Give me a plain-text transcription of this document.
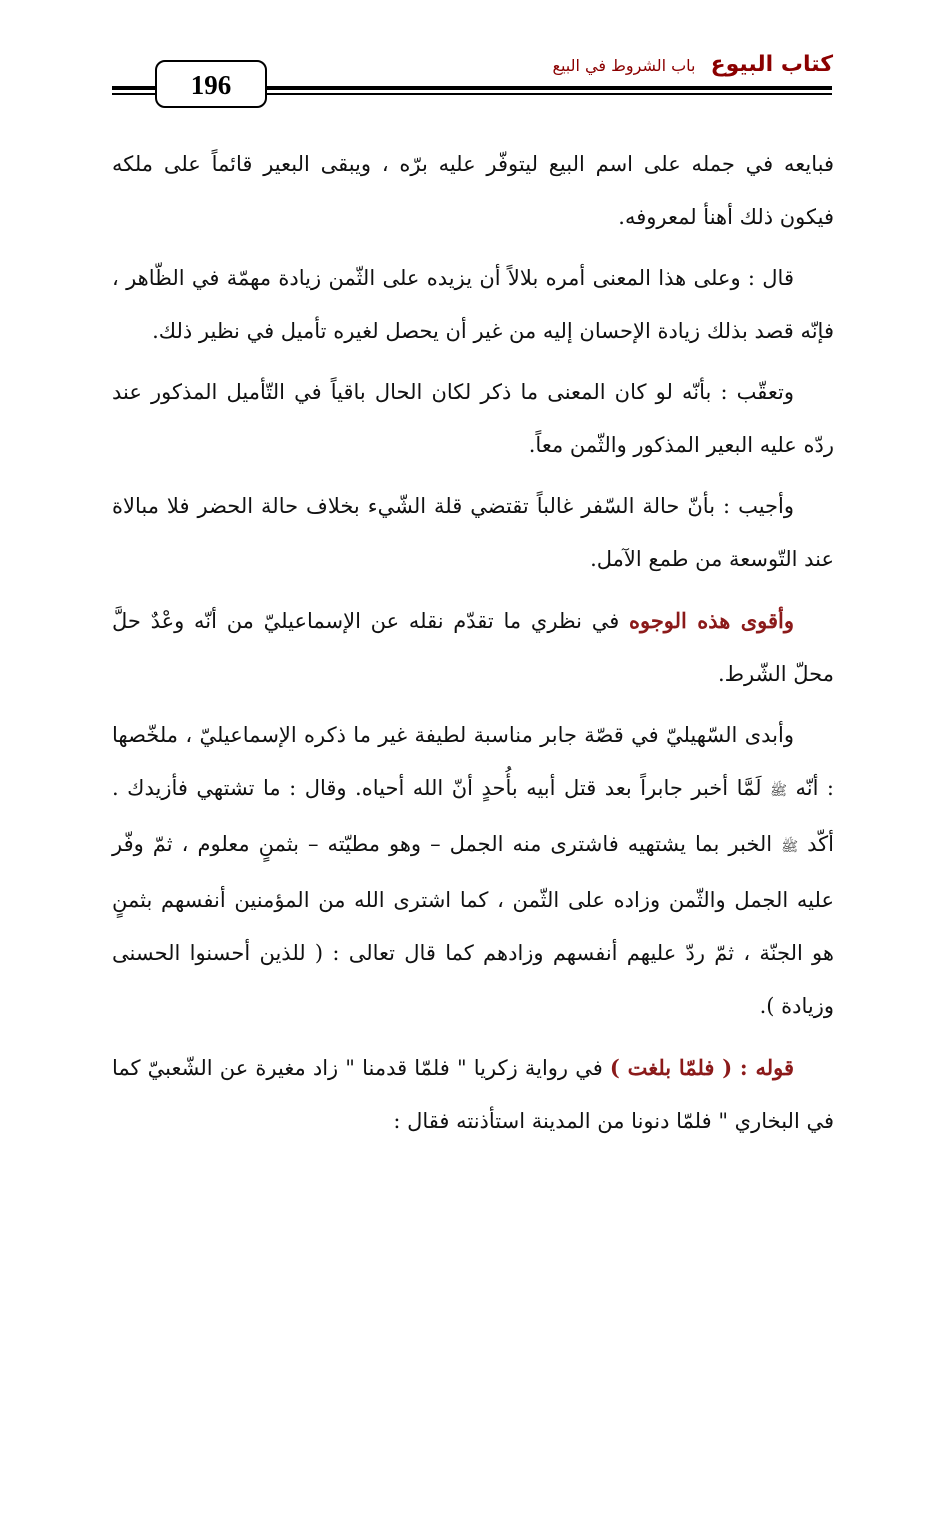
196
كتاب البيوع باب الشروط في البيع

فبايعه في جمله على اسم البيع ليتوفّر عليه برّه ، ويبقى البعير قائماً على ملكه فيكون ذلك أهنأ لمعروفه.

قال : وعلى هذا المعنى أمره بلالاً أن يزيده على الثّمن زيادة مهمّة في الظّاهر ، فإنّه قصد بذلك زيادة الإحسان إليه من غير أن يحصل لغيره تأميل في نظير ذلك.

وتعقّب : بأنّه لو كان المعنى ما ذكر لكان الحال باقياً في التّأميل المذكور عند ردّه عليه البعير المذكور والثّمن معاً.

وأجيب : بأنّ حالة السّفر غالباً تقتضي قلة الشّيء بخلاف حالة الحضر فلا مبالاة عند التّوسعة من طمع الآمل.

وأقوى هذه الوجوه في نظري ما تقدّم نقله عن الإسماعيليّ من أنّه وعْدٌ حلَّ محلّ الشّرط.

وأبدى السّهيليّ في قصّة جابر مناسبة لطيفة غير ما ذكره الإسماعيليّ ، ملخّصها : أنّه ﷺ لَمَّا أخبر جابراً بعد قتل أبيه بأُحدٍ أنّ الله أحياه. وقال : ما تشتهي فأزيدك . أكّد ﷺ الخبر بما يشتهيه فاشترى منه الجمل – وهو مطيّته – بثمنٍ معلوم ، ثمّ وفّر عليه الجمل والثّمن وزاده على الثّمن ، كما اشترى الله من المؤمنين أنفسهم بثمنٍ هو الجنّة ، ثمّ ردّ عليهم أنفسهم وزادهم كما قال تعالى : ( للذين أحسنوا الحسنى وزيادة ).

قوله : ( فلمّا بلغت ) في رواية زكريا " فلمّا قدمنا " زاد مغيرة عن الشّعبيّ كما في البخاري " فلمّا دنونا من المدينة استأذنته فقال :
